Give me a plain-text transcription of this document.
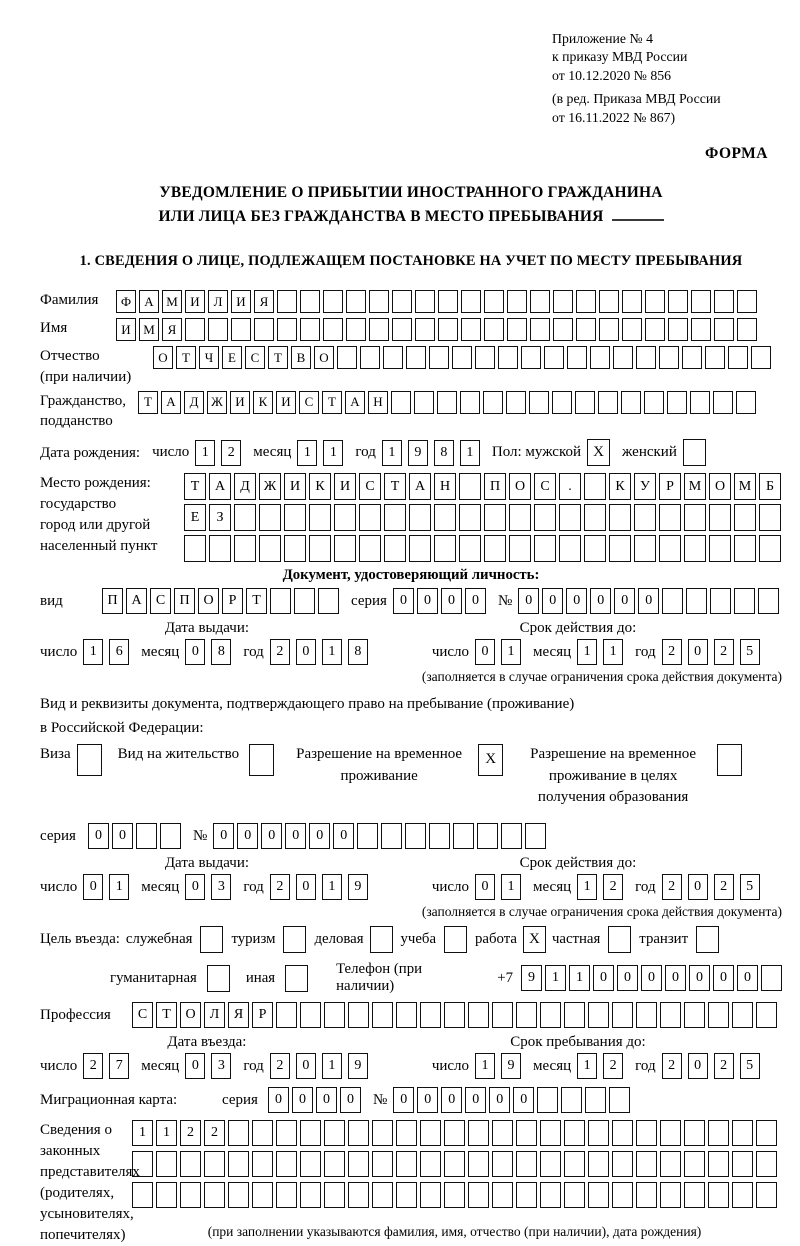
Приложение № 4
к приказу МВД России
от 10.12.2020 № 856
(в ред. Приказа МВД России
от 16.11.2022 № 867)
ФОРМА
УВЕДОМЛЕНИЕ О ПРИБЫТИИ ИНОСТРАННОГО ГРАЖДАНИНА
ИЛИ ЛИЦА БЕЗ ГРАЖДАНСТВА В МЕСТО ПРЕБЫВАНИЯ
1. СВЕДЕНИЯ О ЛИЦЕ, ПОДЛЕЖАЩЕМ ПОСТАНОВКЕ НА УЧЕТ ПО МЕСТУ ПРЕБЫВАНИЯ
Фамилия	Ф	А М И	Л	И	Я
Имя	И М Я
Отчество
(при наличии)
О	Т	Ч	Е	С	Т	В	О
Гражданство,
подданство
Т	А	Д Ж И	К	И	С	Т	А	Н
Дата рождения: число 1	2	месяц 1	1	год 1	9	8	1	Пол: мужской X	женский
Место рождения:
государство
город или другой
населенный пункт
Т	А	Д Ж И	К	И	С	Т	А	Н	П	О	С	.	К	У	Р	М О М	Б
Е	З
Документ, удостоверяющий личность:
вид	П А	С	П О	Р	Т	серия 0	0	0	0	№ 0	0	0	0	0	0
Дата выдачи:	Срок действия до:
число 1	6	месяц 0	8	год 2	0	1	8	число 0	1	месяц 1	1	год 2	0	2	5
(заполняется в случае ограничения срока действия документа)
Вид и реквизиты документа, подтверждающего право на пребывание (проживание)
в Российской Федерации:
Виза	Вид на жительство	Разрешение на временное проживание
X	Разрешение на временное проживание в целях получения образования
серия	0	0	№ 0	0	0	0	0	0
Дата выдачи:	Срок действия до:
число 0	1	месяц 0	3	год 2	0	1	9	число 0	1	месяц 1	2	год 2	0	2	5
(заполняется в случае ограничения срока действия документа)
Цель въезда: служебная	туризм	деловая	учеба	работа X частная	транзит
гуманитарная	иная
Телефон (при наличии)
+7	9	1	1	0	0	0	0	0	0	0
Профессия	С	Т	О	Л	Я	Р
Дата въезда:	Срок пребывания до:
число 2	7	месяц 0	3	год 2	0	1	9	число 1	9	месяц 1	2	год 2	0	2	5
Миграционная карта:	серия	0	0	0	0	№ 0	0	0	0	0	0
Сведения о
законных
представителях
(родителях,
усыновителях,
попечителях)
1	1	2	2
(при заполнении указываются фамилия, имя, отчество (при наличии), дата рождения)
